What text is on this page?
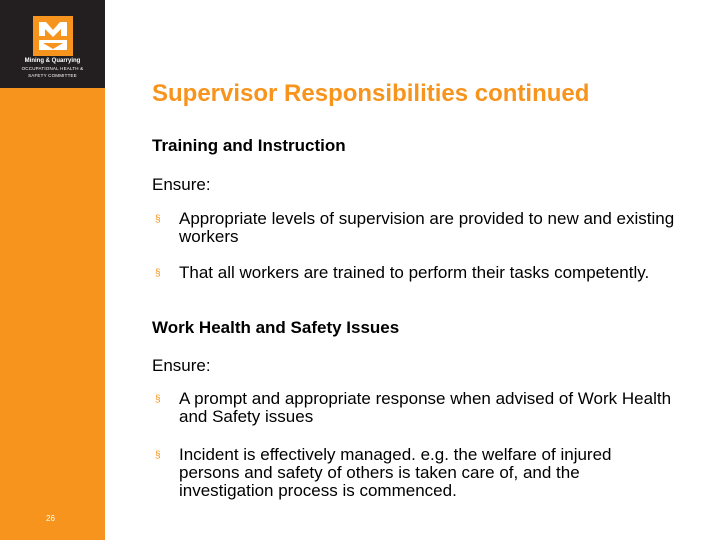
Mining & Quarrying
OCCUPATIONAL HEALTH &
SAFETY COMMITTEE
26
Supervisor Responsibilities continued
Training and Instruction

Ensure:

§ Appropriate levels of supervision are provided to new and existing workers
§ That all workers are trained to perform their tasks competently.
Work Health and Safety Issues

Ensure:

§ A prompt and appropriate response when advised of Work Health and Safety issues
§ Incident is effectively managed. e.g. the welfare of injured persons and safety of others is taken care of, and the investigation process is commenced.
